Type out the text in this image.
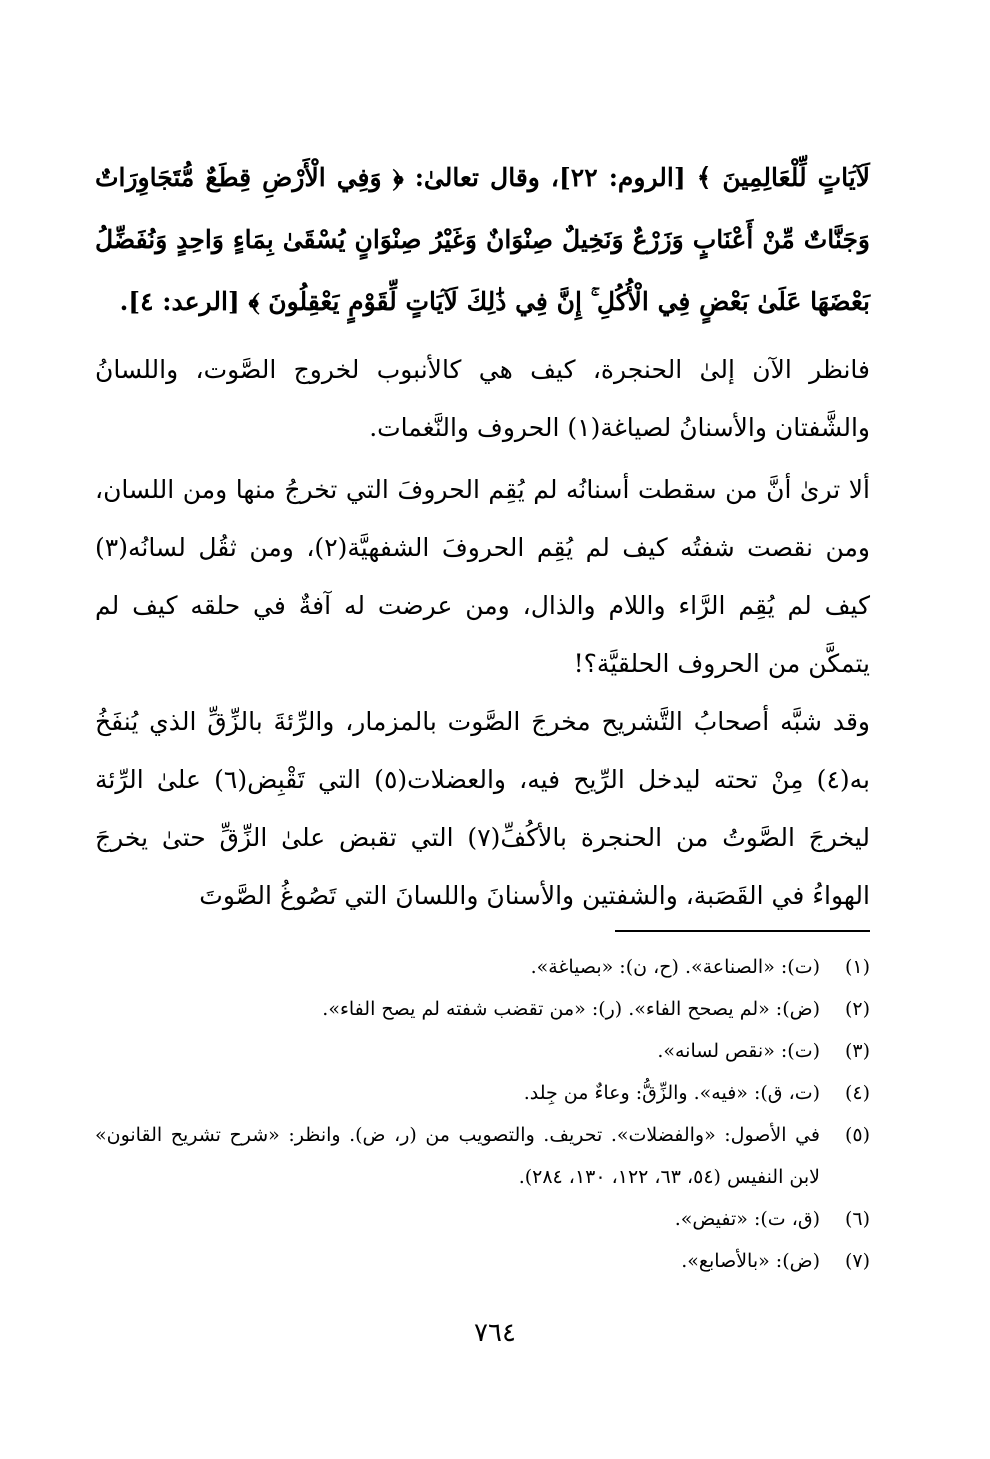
لَآيَاتٍ لِّلْعَالِمِينَ ﴾ [الروم: ٢٢]، وقال تعالىٰ: ﴿ وَفِي الْأَرْضِ قِطَعٌ مُّتَجَاوِرَاتٌ وَجَنَّاتٌ مِّنْ أَعْنَابٍ وَزَرْعٌ وَنَخِيلٌ صِنْوَانٌ وَغَيْرُ صِنْوَانٍ يُسْقَىٰ بِمَاءٍ وَاحِدٍ وَنُفَضِّلُ بَعْضَهَا عَلَىٰ بَعْضٍ فِي الْأُكُلِ ۚ إِنَّ فِي ذَٰلِكَ لَآيَاتٍ لِّقَوْمٍ يَعْقِلُونَ ﴾ [الرعد: ٤].

فانظر الآن إلىٰ الحنجرة، كيف هي كالأنبوب لخروج الصَّوت، واللسانُ والشَّفتان والأسنانُ لصياغة(١) الحروف والنَّغمات.

ألا ترىٰ أنَّ من سقطت أسنانُه لم يُقِم الحروفَ التي تخرجُ منها ومن اللسان، ومن نقصت شفتُه كيف لم يُقِم الحروفَ الشفهيَّة(٢)، ومن ثقُل لسانُه(٣) كيف لم يُقِم الرَّاء واللام والذال، ومن عرضت له آفةٌ في حلقه كيف لم يتمكَّن من الحروف الحلقيَّة؟!

وقد شبَّه أصحابُ التَّشريح مخرجَ الصَّوت بالمزمار، والرِّئةَ بالزِّقِّ الذي يُنفَخُ به(٤) مِنْ تحته ليدخل الرِّيح فيه، والعضلات(٥) التي تَقْبِض(٦) علىٰ الرِّئة ليخرجَ الصَّوتُ من الحنجرة بالأكُفِّ(٧) التي تقبض علىٰ الزِّقِّ حتىٰ يخرجَ الهواءُ في القَصَبة، والشفتين والأسنانَ واللسانَ التي تَصُوغُ الصَّوتَ

(١)
(ت): «الصناعة». (ح، ن): «بصياغة».
(٢)
(ض): «لم يصحح الفاء». (ر): «من تقضب شفته لم يصح الفاء».
(٣)
(ت): «نقص لسانه».
(٤)
(ت، ق): «فيه». والزِّقُّ: وعاءٌ من جِلد.
(٥)
في الأصول: «والفضلات». تحريف. والتصويب من (ر، ض). وانظر: «شرح تشريح القانون» لابن النفيس (٥٤، ٦٣، ١٢٢، ١٣٠، ٢٨٤).
(٦)
(ق، ت): «تفيض».
(٧)
(ض): «بالأصابع».
٧٦٤
